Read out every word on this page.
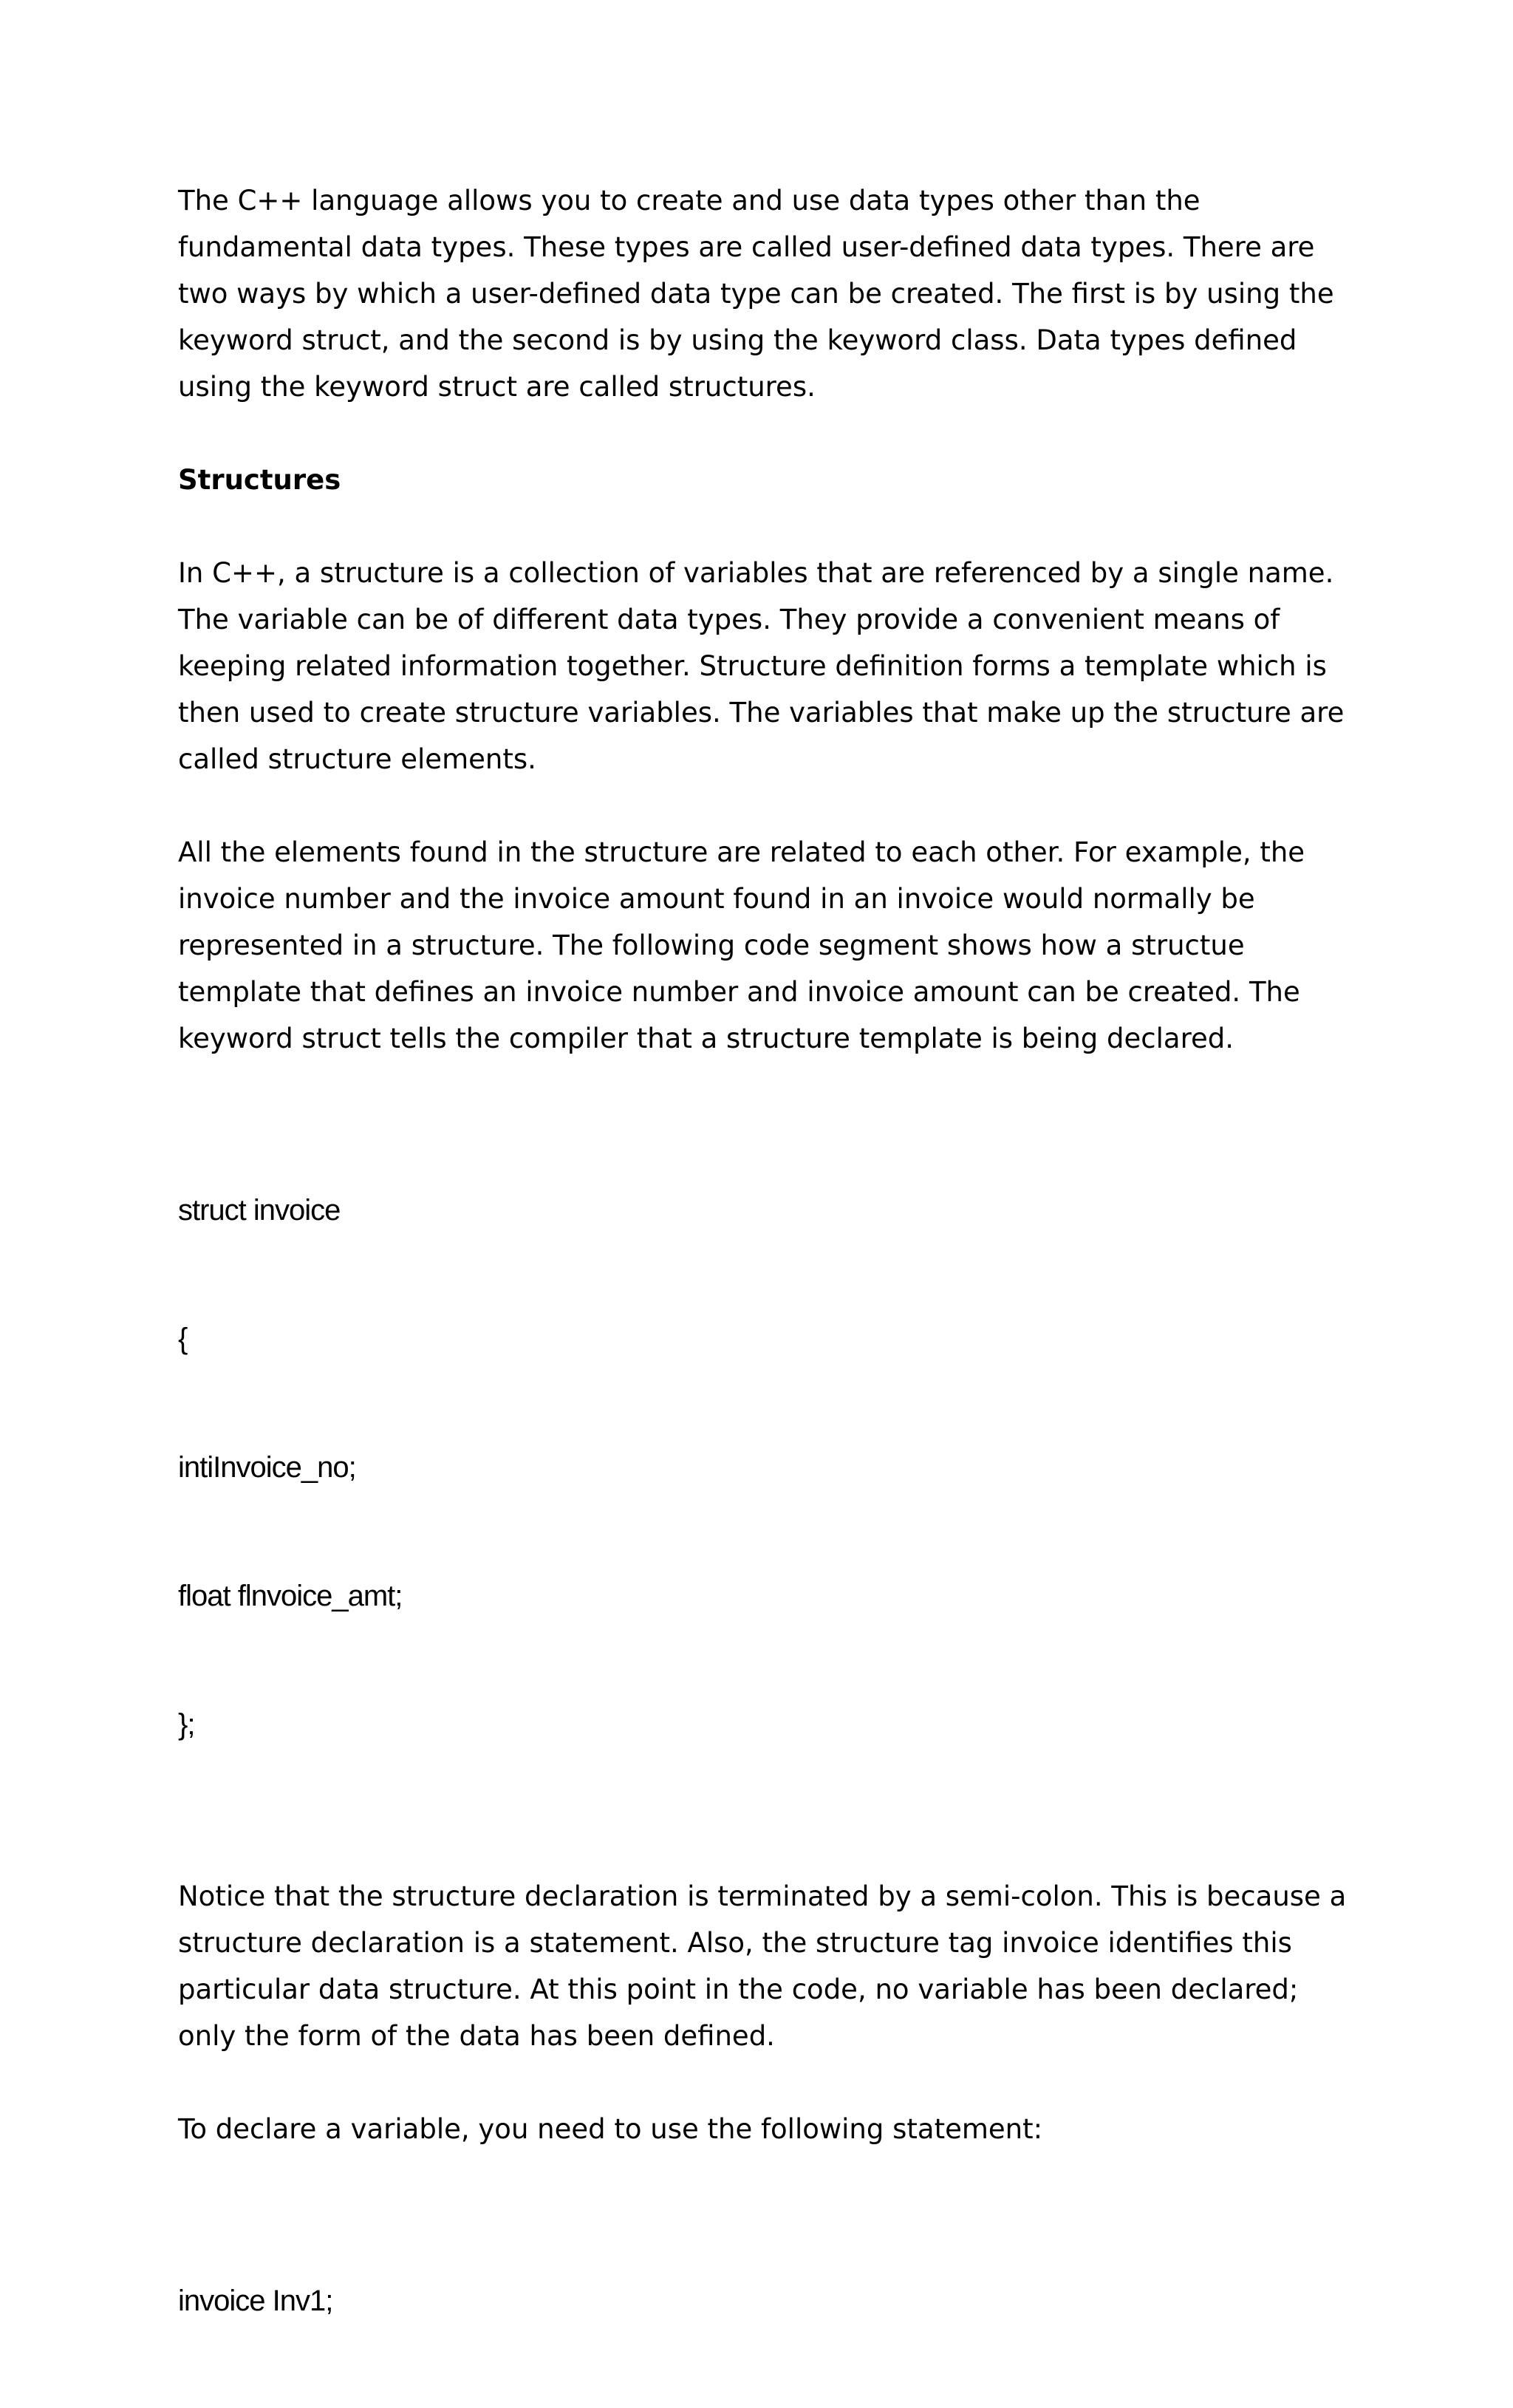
The C++ language allows you to create and use data types other than the
fundamental data types. These types are called user-defined data types. There are
two ways by which a user-defined data type can be created. The first is by using the
keyword struct, and the second is by using the keyword class. Data types defined
using the keyword struct are called structures.
Structures
In C++, a structure is a collection of variables that are referenced by a single name.
The variable can be of different data types. They provide a convenient means of
keeping related information together. Structure definition forms a template which is
then used to create structure variables. The variables that make up the structure are
called structure elements.
All the elements found in the structure are related to each other. For example, the
invoice number and the invoice amount found in an invoice would normally be
represented in a structure. The following code segment shows how a structue
template that defines an invoice number and invoice amount can be created. The
keyword struct tells the compiler that a structure template is being declared.

struct invoice

{

intiInvoice_no;

float flnvoice_amt;

};

Notice that the structure declaration is terminated by a semi-colon. This is because a
structure declaration is a statement. Also, the structure tag invoice identifies this
particular data structure. At this point in the code, no variable has been declared;
only the form of the data has been defined.
To declare a variable, you need to use the following statement:

invoice Inv1;
